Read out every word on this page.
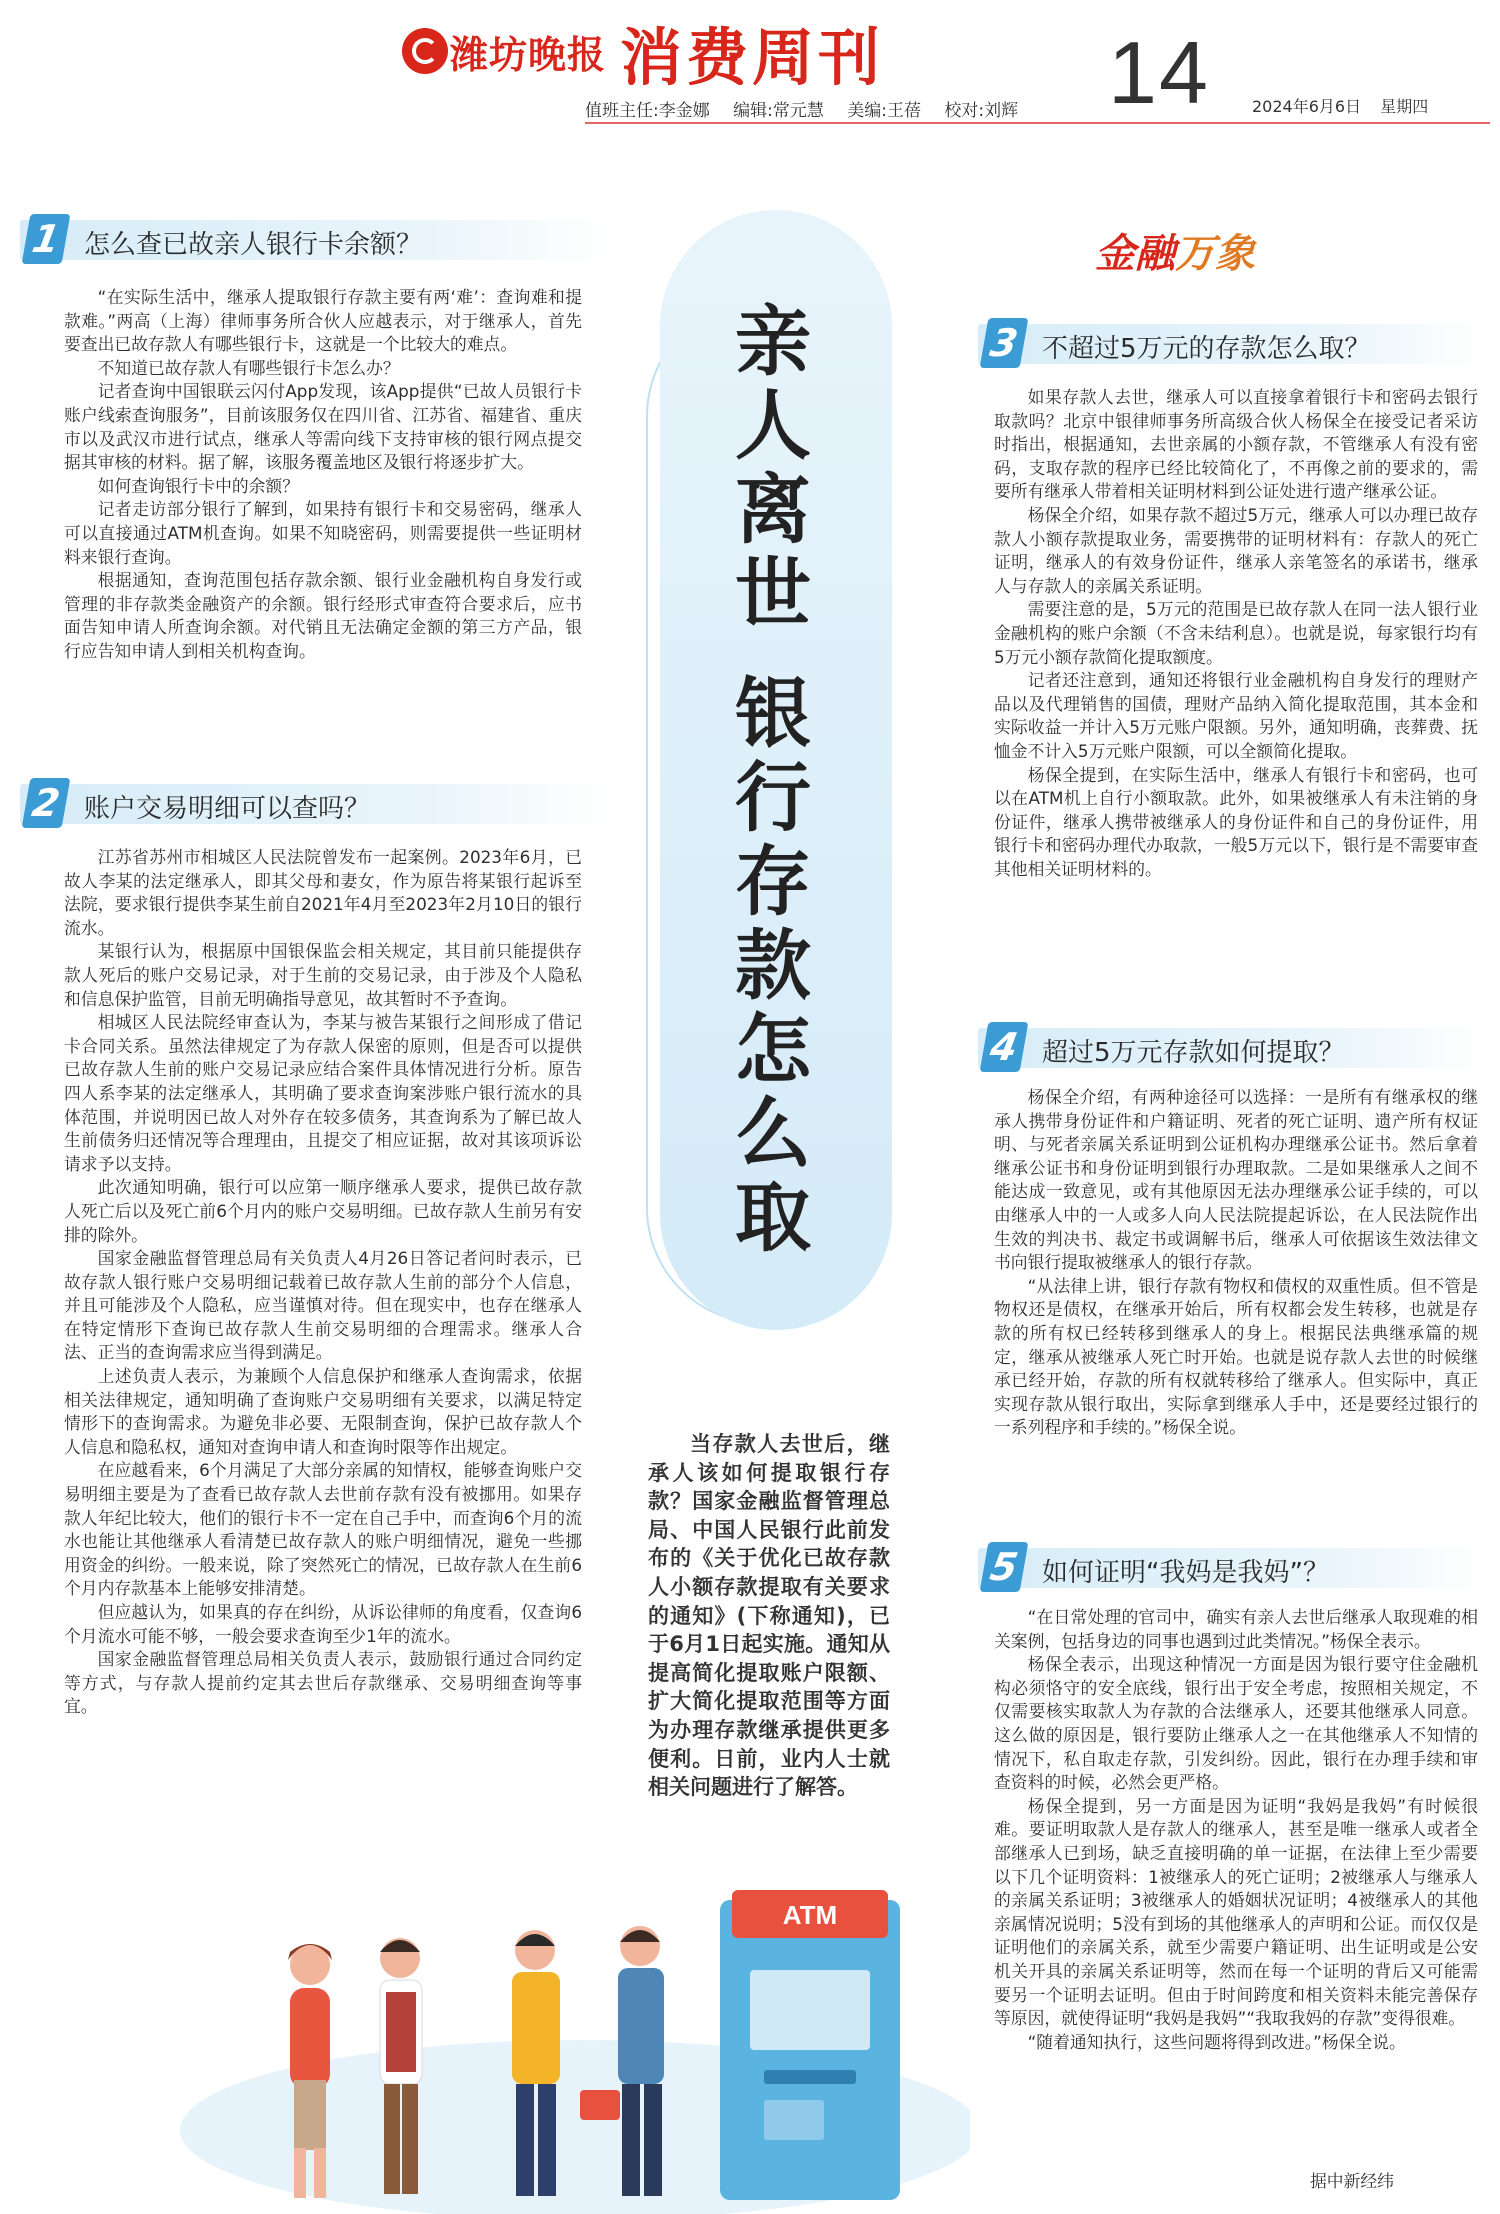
潍坊晚报 消费周刊
值班主任:李金娜 编辑:常元慧 美编:王蓓 校对:刘辉 14	2024年6月6日 星期四
1 怎么查已故亲人银行卡余额？

“在实际生活中，继承人提取银行存款主要有两‘难’：查询难和提款难。”两高（上海）律师事务所合伙人应越表示，对于继承人，首先要查出已故存款人有哪些银行卡，这就是一个比较大的难点。

不知道已故存款人有哪些银行卡怎么办？

记者查询中国银联云闪付App发现，该App提供“已故人员银行卡账户线索查询服务”，目前该服务仅在四川省、江苏省、福建省、重庆市以及武汉市进行试点，继承人等需向线下支持审核的银行网点提交据其审核的材料。据了解，该服务覆盖地区及银行将逐步扩大。

如何查询银行卡中的余额？

记者走访部分银行了解到，如果持有银行卡和交易密码，继承人可以直接通过ATM机查询。如果不知晓密码，则需要提供一些证明材料来银行查询。

根据通知，查询范围包括存款余额、银行业金融机构自身发行或管理的非存款类金融资产的余额。银行经形式审查符合要求后，应书面告知申请人所查询余额。对代销且无法确定金额的第三方产品，银行应告知申请人到相关机构查询。

2 账户交易明细可以查吗？

江苏省苏州市相城区人民法院曾发布一起案例。2023年6月，已故人李某的法定继承人，即其父母和妻女，作为原告将某银行起诉至法院，要求银行提供李某生前自2021年4月至2023年2月10日的银行流水。

某银行认为，根据原中国银保监会相关规定，其目前只能提供存款人死后的账户交易记录，对于生前的交易记录，由于涉及个人隐私和信息保护监管，目前无明确指导意见，故其暂时不予查询。

相城区人民法院经审查认为，李某与被告某银行之间形成了借记卡合同关系。虽然法律规定了为存款人保密的原则，但是否可以提供已故存款人生前的账户交易记录应结合案件具体情况进行分析。原告四人系李某的法定继承人，其明确了要求查询案涉账户银行流水的具体范围，并说明因已故人对外存在较多债务，其查询系为了解已故人生前债务归还情况等合理理由，且提交了相应证据，故对其该项诉讼请求予以支持。

此次通知明确，银行可以应第一顺序继承人要求，提供已故存款人死亡后以及死亡前6个月内的账户交易明细。已故存款人生前另有安排的除外。

国家金融监督管理总局有关负责人4月26日答记者问时表示，已故存款人银行账户交易明细记载着已故存款人生前的部分个人信息，并且可能涉及个人隐私，应当谨慎对待。但在现实中，也存在继承人在特定情形下查询已故存款人生前交易明细的合理需求。继承人合法、正当的查询需求应当得到满足。

上述负责人表示，为兼顾个人信息保护和继承人查询需求，依据相关法律规定，通知明确了查询账户交易明细有关要求，以满足特定情形下的查询需求。为避免非必要、无限制查询，保护已故存款人个人信息和隐私权，通知对查询申请人和查询时限等作出规定。

在应越看来，6个月满足了大部分亲属的知情权，能够查询账户交易明细主要是为了查看已故存款人去世前存款有没有被挪用。如果存款人年纪比较大，他们的银行卡不一定在自己手中，而查询6个月的流水也能让其他继承人看清楚已故存款人的账户明细情况，避免一些挪用资金的纠纷。一般来说，除了突然死亡的情况，已故存款人在生前6个月内存款基本上能够安排清楚。

但应越认为，如果真的存在纠纷，从诉讼律师的角度看，仅查询6个月流水可能不够，一般会要求查询至少1年的流水。

国家金融监督管理总局相关负责人表示，鼓励银行通过合同约定等方式，与存款人提前约定其去世后存款继承、交易明细查询等事宜。

亲人离世
银行存款怎么取

当存款人去世后，继承人该如何提取银行存款？国家金融监督管理总局、中国人民银行此前发布的《关于优化已故存款人小额存款提取有关要求的通知》(下称通知)，已于6月1日起实施。通知从提高简化提取账户限额、扩大简化提取范围等方面为办理存款继承提供更多便利。日前，业内人士就相关问题进行了解答。

金融万象
3 不超过5万元的存款怎么取？

如果存款人去世，继承人可以直接拿着银行卡和密码去银行取款吗？北京中银律师事务所高级合伙人杨保全在接受记者采访时指出，根据通知，去世亲属的小额存款，不管继承人有没有密码，支取存款的程序已经比较简化了，不再像之前的要求的，需要所有继承人带着相关证明材料到公证处进行遗产继承公证。

杨保全介绍，如果存款不超过5万元，继承人可以办理已故存款人小额存款提取业务，需要携带的证明材料有：存款人的死亡证明，继承人的有效身份证件，继承人亲笔签名的承诺书，继承人与存款人的亲属关系证明。

需要注意的是，5万元的范围是已故存款人在同一法人银行业金融机构的账户余额（不含未结利息）。也就是说，每家银行均有5万元小额存款简化提取额度。

记者还注意到，通知还将银行业金融机构自身发行的理财产品以及代理销售的国债，理财产品纳入简化提取范围，其本金和实际收益一并计入5万元账户限额。另外，通知明确，丧葬费、抚恤金不计入5万元账户限额，可以全额简化提取。

杨保全提到，在实际生活中，继承人有银行卡和密码，也可以在ATM机上自行小额取款。此外，如果被继承人有未注销的身份证件，继承人携带被继承人的身份证件和自己的身份证件，用银行卡和密码办理代办取款，一般5万元以下，银行是不需要审查其他相关证明材料的。

4 超过5万元存款如何提取？

杨保全介绍，有两种途径可以选择：一是所有有继承权的继承人携带身份证件和户籍证明、死者的死亡证明、遗产所有权证明、与死者亲属关系证明到公证机构办理继承公证书。然后拿着继承公证书和身份证明到银行办理取款。二是如果继承人之间不能达成一致意见，或有其他原因无法办理继承公证手续的，可以由继承人中的一人或多人向人民法院提起诉讼，在人民法院作出生效的判决书、裁定书或调解书后，继承人可依据该生效法律文书向银行提取被继承人的银行存款。

“从法律上讲，银行存款有物权和债权的双重性质。但不管是物权还是债权，在继承开始后，所有权都会发生转移，也就是存款的所有权已经转移到继承人的身上。根据民法典继承篇的规定，继承从被继承人死亡时开始。也就是说存款人去世的时候继承已经开始，存款的所有权就转移给了继承人。但实际中，真正实现存款从银行取出，实际拿到继承人手中，还是要经过银行的一系列程序和手续的。”杨保全说。

5 如何证明“我妈是我妈”？

“在日常处理的官司中，确实有亲人去世后继承人取现难的相关案例，包括身边的同事也遇到过此类情况。”杨保全表示。

杨保全表示，出现这种情况一方面是因为银行要守住金融机构必须恪守的安全底线，银行出于安全考虑，按照相关规定，不仅需要核实取款人为存款的合法继承人，还要其他继承人同意。这么做的原因是，银行要防止继承人之一在其他继承人不知情的情况下，私自取走存款，引发纠纷。因此，银行在办理手续和审查资料的时候，必然会更严格。

杨保全提到，另一方面是因为证明“我妈是我妈”有时候很难。要证明取款人是存款人的继承人，甚至是唯一继承人或者全部继承人已到场，缺乏直接明确的单一证据，在法律上至少需要以下几个证明资料：1被继承人的死亡证明；2被继承人与继承人的亲属关系证明；3被继承人的婚姻状况证明；4被继承人的其他亲属情况说明；5没有到场的其他继承人的声明和公证。而仅仅是证明他们的亲属关系，就至少需要户籍证明、出生证明或是公安机关开具的亲属关系证明等，然而在每一个证明的背后又可能需要另一个证明去证明。但由于时间跨度和相关资料未能完善保存等原因，就使得证明“我妈是我妈”“我取我妈的存款”变得很难。

“随着通知执行，这些问题将得到改进。”杨保全说。

据中新经纬
ATM
